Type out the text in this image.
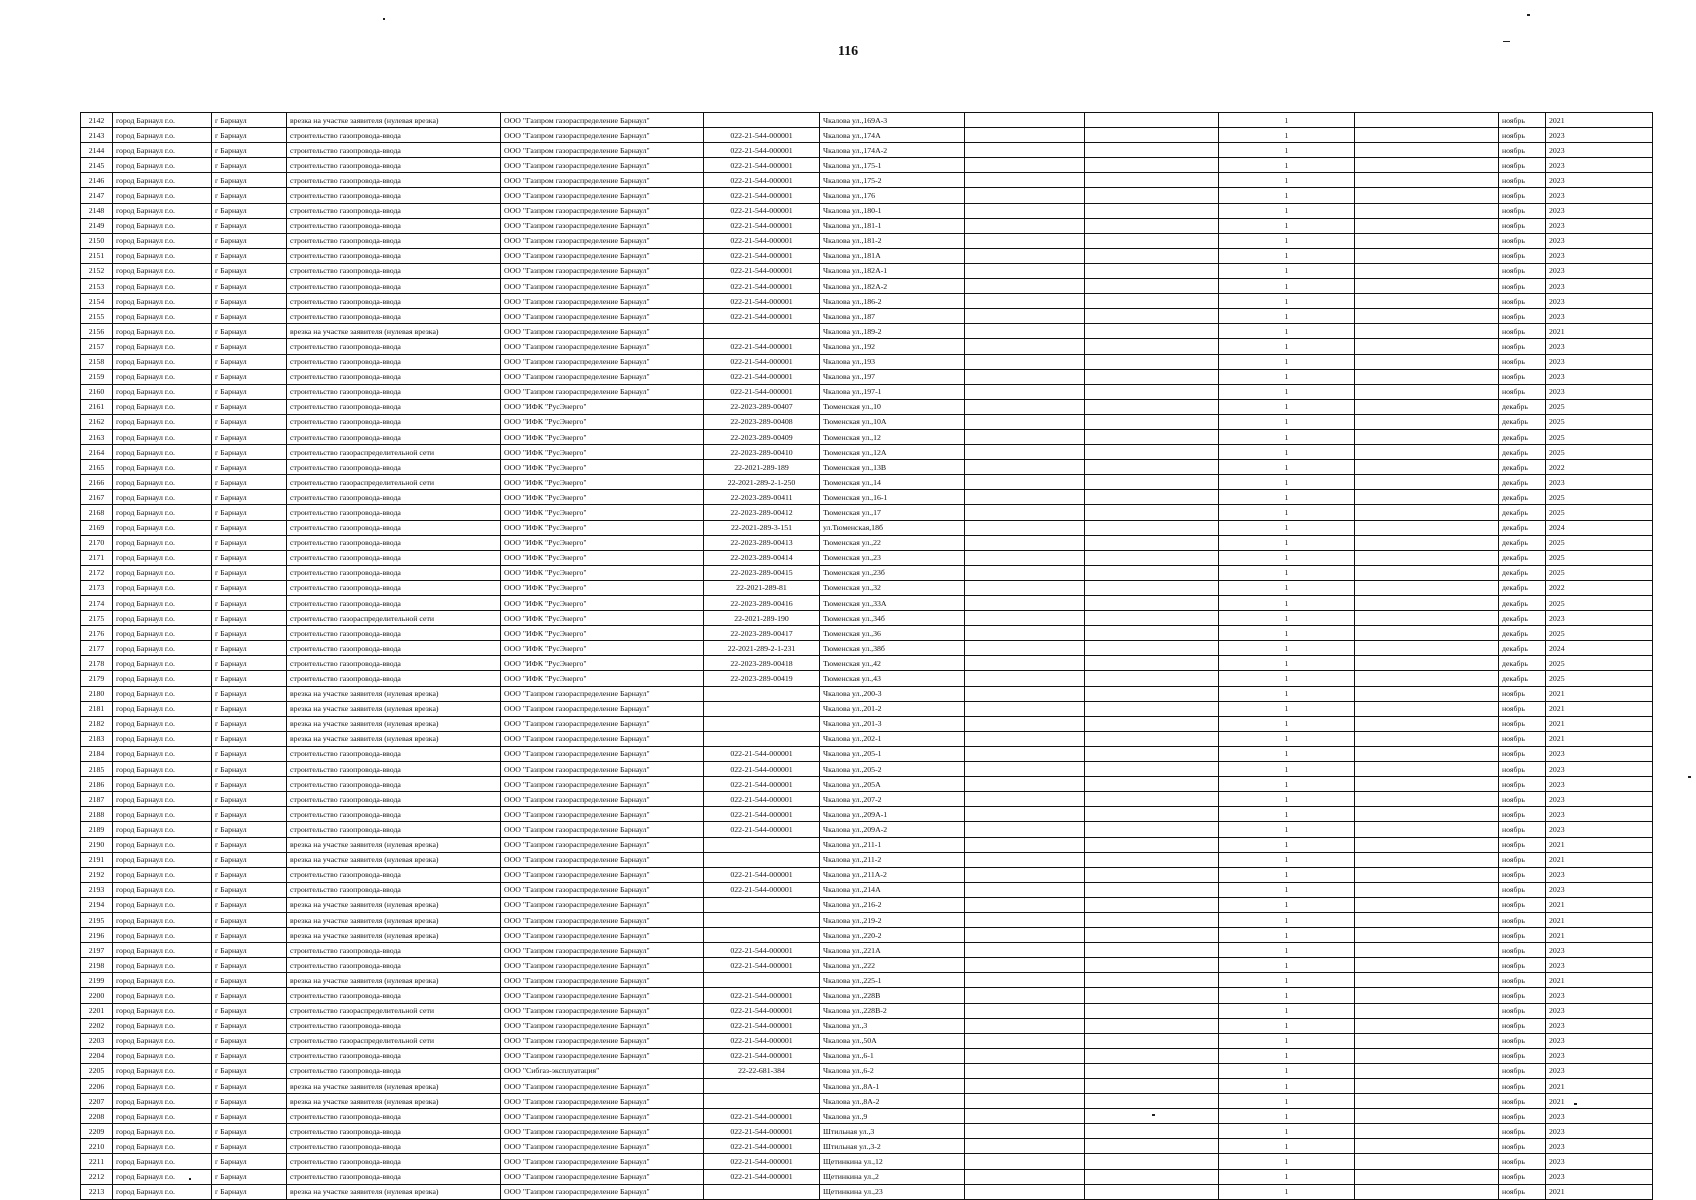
116
2142	город Барнаул г.о.	г Барнаул	врезка на участке заявителя (нулевая врезка)	ООО "Газпром газораспределение Барнаул"		Чкалова ул.,169А-3			1		ноябрь	2021
2143	город Барнаул г.о.	г Барнаул	строительство газопровода-ввода	ООО "Газпром газораспределение Барнаул"	022-21-544-000001	Чкалова ул.,174А			1		ноябрь	2023
2144	город Барнаул г.о.	г Барнаул	строительство газопровода-ввода	ООО "Газпром газораспределение Барнаул"	022-21-544-000001	Чкалова ул.,174А-2			1		ноябрь	2023
2145	город Барнаул г.о.	г Барнаул	строительство газопровода-ввода	ООО "Газпром газораспределение Барнаул"	022-21-544-000001	Чкалова ул.,175-1			1		ноябрь	2023
2146	город Барнаул г.о.	г Барнаул	строительство газопровода-ввода	ООО "Газпром газораспределение Барнаул"	022-21-544-000001	Чкалова ул.,175-2			1		ноябрь	2023
2147	город Барнаул г.о.	г Барнаул	строительство газопровода-ввода	ООО "Газпром газораспределение Барнаул"	022-21-544-000001	Чкалова ул.,176			1		ноябрь	2023
2148	город Барнаул г.о.	г Барнаул	строительство газопровода-ввода	ООО "Газпром газораспределение Барнаул"	022-21-544-000001	Чкалова ул.,180-1			1		ноябрь	2023
2149	город Барнаул г.о.	г Барнаул	строительство газопровода-ввода	ООО "Газпром газораспределение Барнаул"	022-21-544-000001	Чкалова ул.,181-1			1		ноябрь	2023
2150	город Барнаул г.о.	г Барнаул	строительство газопровода-ввода	ООО "Газпром газораспределение Барнаул"	022-21-544-000001	Чкалова ул.,181-2			1		ноябрь	2023
2151	город Барнаул г.о.	г Барнаул	строительство газопровода-ввода	ООО "Газпром газораспределение Барнаул"	022-21-544-000001	Чкалова ул.,181А			1		ноябрь	2023
2152	город Барнаул г.о.	г Барнаул	строительство газопровода-ввода	ООО "Газпром газораспределение Барнаул"	022-21-544-000001	Чкалова ул.,182А-1			1		ноябрь	2023
2153	город Барнаул г.о.	г Барнаул	строительство газопровода-ввода	ООО "Газпром газораспределение Барнаул"	022-21-544-000001	Чкалова ул.,182А-2			1		ноябрь	2023
2154	город Барнаул г.о.	г Барнаул	строительство газопровода-ввода	ООО "Газпром газораспределение Барнаул"	022-21-544-000001	Чкалова ул.,186-2			1		ноябрь	2023
2155	город Барнаул г.о.	г Барнаул	строительство газопровода-ввода	ООО "Газпром газораспределение Барнаул"	022-21-544-000001	Чкалова ул.,187			1		ноябрь	2023
2156	город Барнаул г.о.	г Барнаул	врезка на участке заявителя (нулевая врезка)	ООО "Газпром газораспределение Барнаул"		Чкалова ул.,189-2			1		ноябрь	2021
2157	город Барнаул г.о.	г Барнаул	строительство газопровода-ввода	ООО "Газпром газораспределение Барнаул"	022-21-544-000001	Чкалова ул.,192			1		ноябрь	2023
2158	город Барнаул г.о.	г Барнаул	строительство газопровода-ввода	ООО "Газпром газораспределение Барнаул"	022-21-544-000001	Чкалова ул.,193			1		ноябрь	2023
2159	город Барнаул г.о.	г Барнаул	строительство газопровода-ввода	ООО "Газпром газораспределение Барнаул"	022-21-544-000001	Чкалова ул.,197			1		ноябрь	2023
2160	город Барнаул г.о.	г Барнаул	строительство газопровода-ввода	ООО "Газпром газораспределение Барнаул"	022-21-544-000001	Чкалова ул.,197-1			1		ноябрь	2023
2161	город Барнаул г.о.	г Барнаул	строительство газопровода-ввода	ООО "ИФК "РусЭнерго"	22-2023-289-00407	Тюменская ул.,10			1		декабрь	2025
2162	город Барнаул г.о.	г Барнаул	строительство газопровода-ввода	ООО "ИФК "РусЭнерго"	22-2023-289-00408	Тюменская ул.,10А			1		декабрь	2025
2163	город Барнаул г.о.	г Барнаул	строительство газопровода-ввода	ООО "ИФК "РусЭнерго"	22-2023-289-00409	Тюменская ул.,12			1		декабрь	2025
2164	город Барнаул г.о.	г Барнаул	строительство газораспределительной сети	ООО "ИФК "РусЭнерго"	22-2023-289-00410	Тюменская ул.,12А			1		декабрь	2025
2165	город Барнаул г.о.	г Барнаул	строительство газопровода-ввода	ООО "ИФК "РусЭнерго"	22-2021-289-189	Тюменская ул.,13В			1		декабрь	2022
2166	город Барнаул г.о.	г Барнаул	строительство газораспределительной сети	ООО "ИФК "РусЭнерго"	22-2021-289-2-1-250	Тюменская ул.,14			1		декабрь	2023
2167	город Барнаул г.о.	г Барнаул	строительство газопровода-ввода	ООО "ИФК "РусЭнерго"	22-2023-289-00411	Тюменская ул.,16-1			1		декабрь	2025
2168	город Барнаул г.о.	г Барнаул	строительство газопровода-ввода	ООО "ИФК "РусЭнерго"	22-2023-289-00412	Тюменская ул.,17			1		декабрь	2025
2169	город Барнаул г.о.	г Барнаул	строительство газопровода-ввода	ООО "ИФК "РусЭнерго"	22-2021-289-3-151	ул.Тюменская,18б			1		декабрь	2024
2170	город Барнаул г.о.	г Барнаул	строительство газопровода-ввода	ООО "ИФК "РусЭнерго"	22-2023-289-00413	Тюменская ул.,22			1		декабрь	2025
2171	город Барнаул г.о.	г Барнаул	строительство газопровода-ввода	ООО "ИФК "РусЭнерго"	22-2023-289-00414	Тюменская ул.,23			1		декабрь	2025
2172	город Барнаул г.о.	г Барнаул	строительство газопровода-ввода	ООО "ИФК "РусЭнерго"	22-2023-289-00415	Тюменская ул.,23б			1		декабрь	2025
2173	город Барнаул г.о.	г Барнаул	строительство газопровода-ввода	ООО "ИФК "РусЭнерго"	22-2021-289-81	Тюменская ул.,32			1		декабрь	2022
2174	город Барнаул г.о.	г Барнаул	строительство газопровода-ввода	ООО "ИФК "РусЭнерго"	22-2023-289-00416	Тюменская ул.,33А			1		декабрь	2025
2175	город Барнаул г.о.	г Барнаул	строительство газораспределительной сети	ООО "ИФК "РусЭнерго"	22-2021-289-190	Тюменская ул.,34б			1		декабрь	2023
2176	город Барнаул г.о.	г Барнаул	строительство газопровода-ввода	ООО "ИФК "РусЭнерго"	22-2023-289-00417	Тюменская ул.,36			1		декабрь	2025
2177	город Барнаул г.о.	г Барнаул	строительство газопровода-ввода	ООО "ИФК "РусЭнерго"	22-2021-289-2-1-231	Тюменская ул.,38б			1		декабрь	2024
2178	город Барнаул г.о.	г Барнаул	строительство газопровода-ввода	ООО "ИФК "РусЭнерго"	22-2023-289-00418	Тюменская ул.,42			1		декабрь	2025
2179	город Барнаул г.о.	г Барнаул	строительство газопровода-ввода	ООО "ИФК "РусЭнерго"	22-2023-289-00419	Тюменская ул.,43			1		декабрь	2025
2180	город Барнаул г.о.	г Барнаул	врезка на участке заявителя (нулевая врезка)	ООО "Газпром газораспределение Барнаул"		Чкалова ул.,200-3			1		ноябрь	2021
2181	город Барнаул г.о.	г Барнаул	врезка на участке заявителя (нулевая врезка)	ООО "Газпром газораспределение Барнаул"		Чкалова ул.,201-2			1		ноябрь	2021
2182	город Барнаул г.о.	г Барнаул	врезка на участке заявителя (нулевая врезка)	ООО "Газпром газораспределение Барнаул"		Чкалова ул.,201-3			1		ноябрь	2021
2183	город Барнаул г.о.	г Барнаул	врезка на участке заявителя (нулевая врезка)	ООО "Газпром газораспределение Барнаул"		Чкалова ул.,202-1			1		ноябрь	2021
2184	город Барнаул г.о.	г Барнаул	строительство газопровода-ввода	ООО "Газпром газораспределение Барнаул"	022-21-544-000001	Чкалова ул.,205-1			1		ноябрь	2023
2185	город Барнаул г.о.	г Барнаул	строительство газопровода-ввода	ООО "Газпром газораспределение Барнаул"	022-21-544-000001	Чкалова ул.,205-2			1		ноябрь	2023
2186	город Барнаул г.о.	г Барнаул	строительство газопровода-ввода	ООО "Газпром газораспределение Барнаул"	022-21-544-000001	Чкалова ул.,205А			1		ноябрь	2023
2187	город Барнаул г.о.	г Барнаул	строительство газопровода-ввода	ООО "Газпром газораспределение Барнаул"	022-21-544-000001	Чкалова ул.,207-2			1		ноябрь	2023
2188	город Барнаул г.о.	г Барнаул	строительство газопровода-ввода	ООО "Газпром газораспределение Барнаул"	022-21-544-000001	Чкалова ул.,209А-1			1		ноябрь	2023
2189	город Барнаул г.о.	г Барнаул	строительство газопровода-ввода	ООО "Газпром газораспределение Барнаул"	022-21-544-000001	Чкалова ул.,209А-2			1		ноябрь	2023
2190	город Барнаул г.о.	г Барнаул	врезка на участке заявителя (нулевая врезка)	ООО "Газпром газораспределение Барнаул"		Чкалова ул.,211-1			1		ноябрь	2021
2191	город Барнаул г.о.	г Барнаул	врезка на участке заявителя (нулевая врезка)	ООО "Газпром газораспределение Барнаул"		Чкалова ул.,211-2			1		ноябрь	2021
2192	город Барнаул г.о.	г Барнаул	строительство газопровода-ввода	ООО "Газпром газораспределение Барнаул"	022-21-544-000001	Чкалова ул.,211А-2			1		ноябрь	2023
2193	город Барнаул г.о.	г Барнаул	строительство газопровода-ввода	ООО "Газпром газораспределение Барнаул"	022-21-544-000001	Чкалова ул.,214А			1		ноябрь	2023
2194	город Барнаул г.о.	г Барнаул	врезка на участке заявителя (нулевая врезка)	ООО "Газпром газораспределение Барнаул"		Чкалова ул.,216-2			1		ноябрь	2021
2195	город Барнаул г.о.	г Барнаул	врезка на участке заявителя (нулевая врезка)	ООО "Газпром газораспределение Барнаул"		Чкалова ул.,219-2			1		ноябрь	2021
2196	город Барнаул г.о.	г Барнаул	врезка на участке заявителя (нулевая врезка)	ООО "Газпром газораспределение Барнаул"		Чкалова ул.,220-2			1		ноябрь	2021
2197	город Барнаул г.о.	г Барнаул	строительство газопровода-ввода	ООО "Газпром газораспределение Барнаул"	022-21-544-000001	Чкалова ул.,221А			1		ноябрь	2023
2198	город Барнаул г.о.	г Барнаул	строительство газопровода-ввода	ООО "Газпром газораспределение Барнаул"	022-21-544-000001	Чкалова ул.,222			1		ноябрь	2023
2199	город Барнаул г.о.	г Барнаул	врезка на участке заявителя (нулевая врезка)	ООО "Газпром газораспределение Барнаул"		Чкалова ул.,225-1			1		ноябрь	2021
2200	город Барнаул г.о.	г Барнаул	строительство газопровода-ввода	ООО "Газпром газораспределение Барнаул"	022-21-544-000001	Чкалова ул.,228В			1		ноябрь	2023
2201	город Барнаул г.о.	г Барнаул	строительство газораспределительной сети	ООО "Газпром газораспределение Барнаул"	022-21-544-000001	Чкалова ул.,228В-2			1		ноябрь	2023
2202	город Барнаул г.о.	г Барнаул	строительство газопровода-ввода	ООО "Газпром газораспределение Барнаул"	022-21-544-000001	Чкалова ул.,3			1		ноябрь	2023
2203	город Барнаул г.о.	г Барнаул	строительство газораспределительной сети	ООО "Газпром газораспределение Барнаул"	022-21-544-000001	Чкалова ул.,50А			1		ноябрь	2023
2204	город Барнаул г.о.	г Барнаул	строительство газопровода-ввода	ООО "Газпром газораспределение Барнаул"	022-21-544-000001	Чкалова ул.,6-1			1		ноябрь	2023
2205	город Барнаул г.о.	г Барнаул	строительство газопровода-ввода	ООО "Сибгаз-эксплуатация"	22-22-681-384	Чкалова ул.,6-2			1		ноябрь	2023
2206	город Барнаул г.о.	г Барнаул	врезка на участке заявителя (нулевая врезка)	ООО "Газпром газораспределение Барнаул"		Чкалова ул.,8А-1			1		ноябрь	2021
2207	город Барнаул г.о.	г Барнаул	врезка на участке заявителя (нулевая врезка)	ООО "Газпром газораспределение Барнаул"		Чкалова ул.,8А-2			1		ноябрь	2021
2208	город Барнаул г.о.	г Барнаул	строительство газопровода-ввода	ООО "Газпром газораспределение Барнаул"	022-21-544-000001	Чкалова ул.,9			1		ноябрь	2023
2209	город Барнаул г.о.	г Барнаул	строительство газопровода-ввода	ООО "Газпром газораспределение Барнаул"	022-21-544-000001	Штильная ул.,3			1		ноябрь	2023
2210	город Барнаул г.о.	г Барнаул	строительство газопровода-ввода	ООО "Газпром газораспределение Барнаул"	022-21-544-000001	Штильная ул.,3-2			1		ноябрь	2023
2211	город Барнаул г.о.	г Барнаул	строительство газопровода-ввода	ООО "Газпром газораспределение Барнаул"	022-21-544-000001	Щетинкина ул.,12			1		ноябрь	2023
2212	город Барнаул г.о.	г Барнаул	строительство газопровода-ввода	ООО "Газпром газораспределение Барнаул"	022-21-544-000001	Щетинкина ул.,2			1		ноябрь	2023
2213	город Барнаул г.о.	г Барнаул	врезка на участке заявителя (нулевая врезка)	ООО "Газпром газораспределение Барнаул"		Щетинкина ул.,23			1		ноябрь	2021
